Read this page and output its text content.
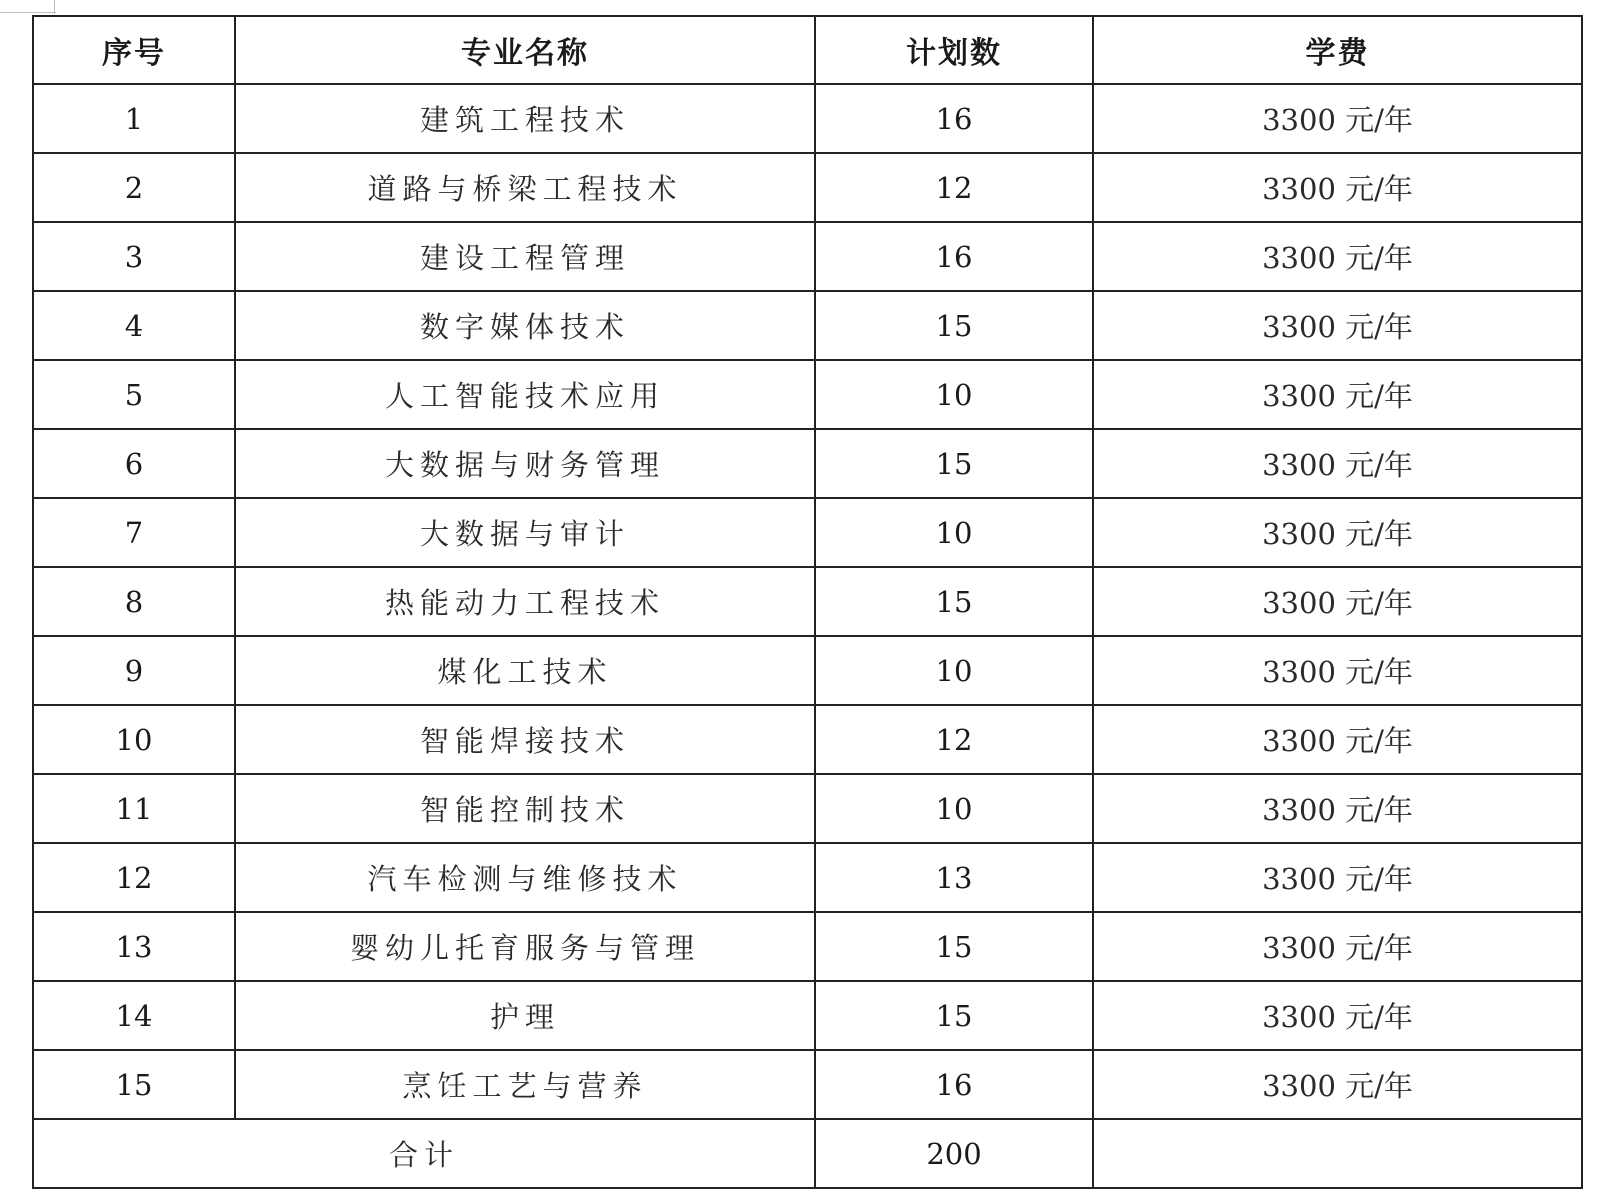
序号	专业名称	计划数	学费
1	建筑工程技术	16	3300 元/年
2	道路与桥梁工程技术	12	3300 元/年
3	建设工程管理	16	3300 元/年
4	数字媒体技术	15	3300 元/年
5	人工智能技术应用	10	3300 元/年
6	大数据与财务管理	15	3300 元/年
7	大数据与审计	10	3300 元/年
8	热能动力工程技术	15	3300 元/年
9	煤化工技术	10	3300 元/年
10	智能焊接技术	12	3300 元/年
11	智能控制技术	10	3300 元/年
12	汽车检测与维修技术	13	3300 元/年
13	婴幼儿托育服务与管理	15	3300 元/年
14	护理	15	3300 元/年
15	烹饪工艺与营养	16	3300 元/年
合计		200	
